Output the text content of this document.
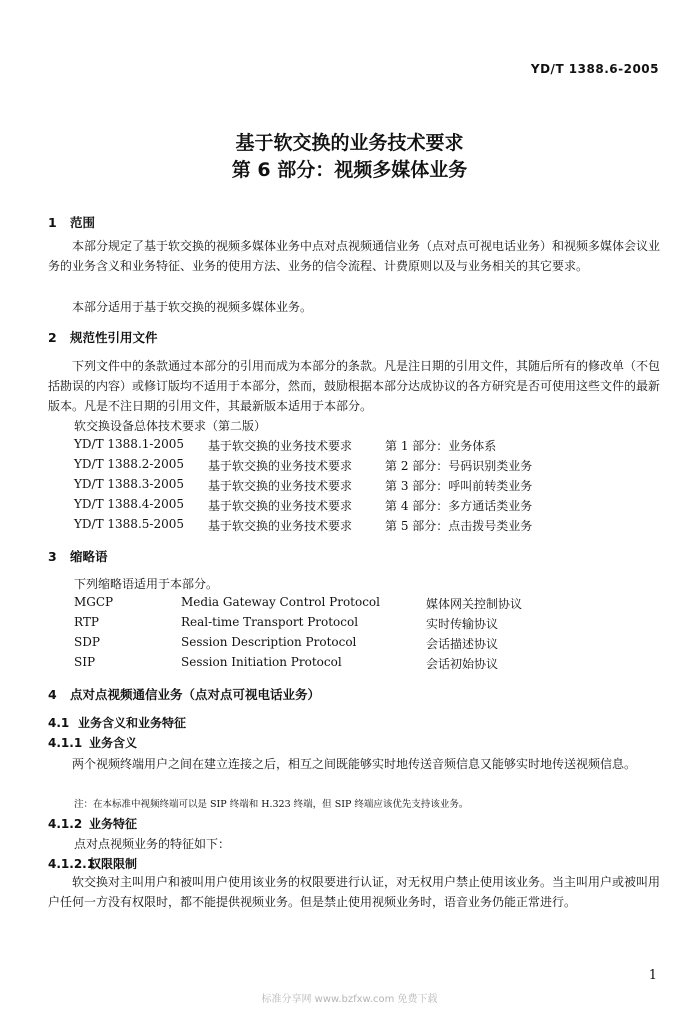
YD/T 1388.6-2005
基于软交换的业务技术要求
第 6 部分：视频多媒体业务
1 范围
本部分规定了基于软交换的视频多媒体业务中点对点视频通信业务（点对点可视电话业务）和视频多媒体会议业务的业务含义和业务特征、业务的使用方法、业务的信令流程、计费原则以及与业务相关的其它要求。
本部分适用于基于软交换的视频多媒体业务。
2 规范性引用文件
下列文件中的条款通过本部分的引用而成为本部分的条款。凡是注日期的引用文件，其随后所有的修改单（不包括勘误的内容）或修订版均不适用于本部分，然而，鼓励根据本部分达成协议的各方研究是否可使用这些文件的最新版本。凡是不注日期的引用文件，其最新版本适用于本部分。
软交换设备总体技术要求（第二版）
YD/T 1388.1-2005 基于软交换的业务技术要求	第 1 部分：业务体系
YD/T 1388.2-2005 基于软交换的业务技术要求	第 2 部分：号码识别类业务
YD/T 1388.3-2005 基于软交换的业务技术要求	第 3 部分：呼叫前转类业务
YD/T 1388.4-2005 基于软交换的业务技术要求	第 4 部分：多方通话类业务
YD/T 1388.5-2005 基于软交换的业务技术要求	第 5 部分：点击拨号类业务
3 缩略语
下列缩略语适用于本部分。
MGCP	Media Gateway Control Protocol	媒体网关控制协议
RTP	Real-time Transport Protocol	实时传输协议
SDP	Session Description Protocol	会话描述协议
SIP	Session Initiation Protocol	会话初始协议
4 点对点视频通信业务（点对点可视电话业务）
4.1 业务含义和业务特征
4.1.1 业务含义
两个视频终端用户之间在建立连接之后，相互之间既能够实时地传送音频信息又能够实时地传送视频信息。
注：在本标准中视频终端可以是 SIP 终端和 H.323 终端，但 SIP 终端应该优先支持该业务。
4.1.2 业务特征
点对点视频业务的特征如下：
4.1.2.1权限限制
软交换对主叫用户和被叫用户使用该业务的权限要进行认证，对无权用户禁止使用该业务。当主叫用户或被叫用户任何一方没有权限时，都不能提供视频业务。但是禁止使用视频业务时，语音业务仍能正常进行。
1
标准分享网 www.bzfxw.com 免费下载
